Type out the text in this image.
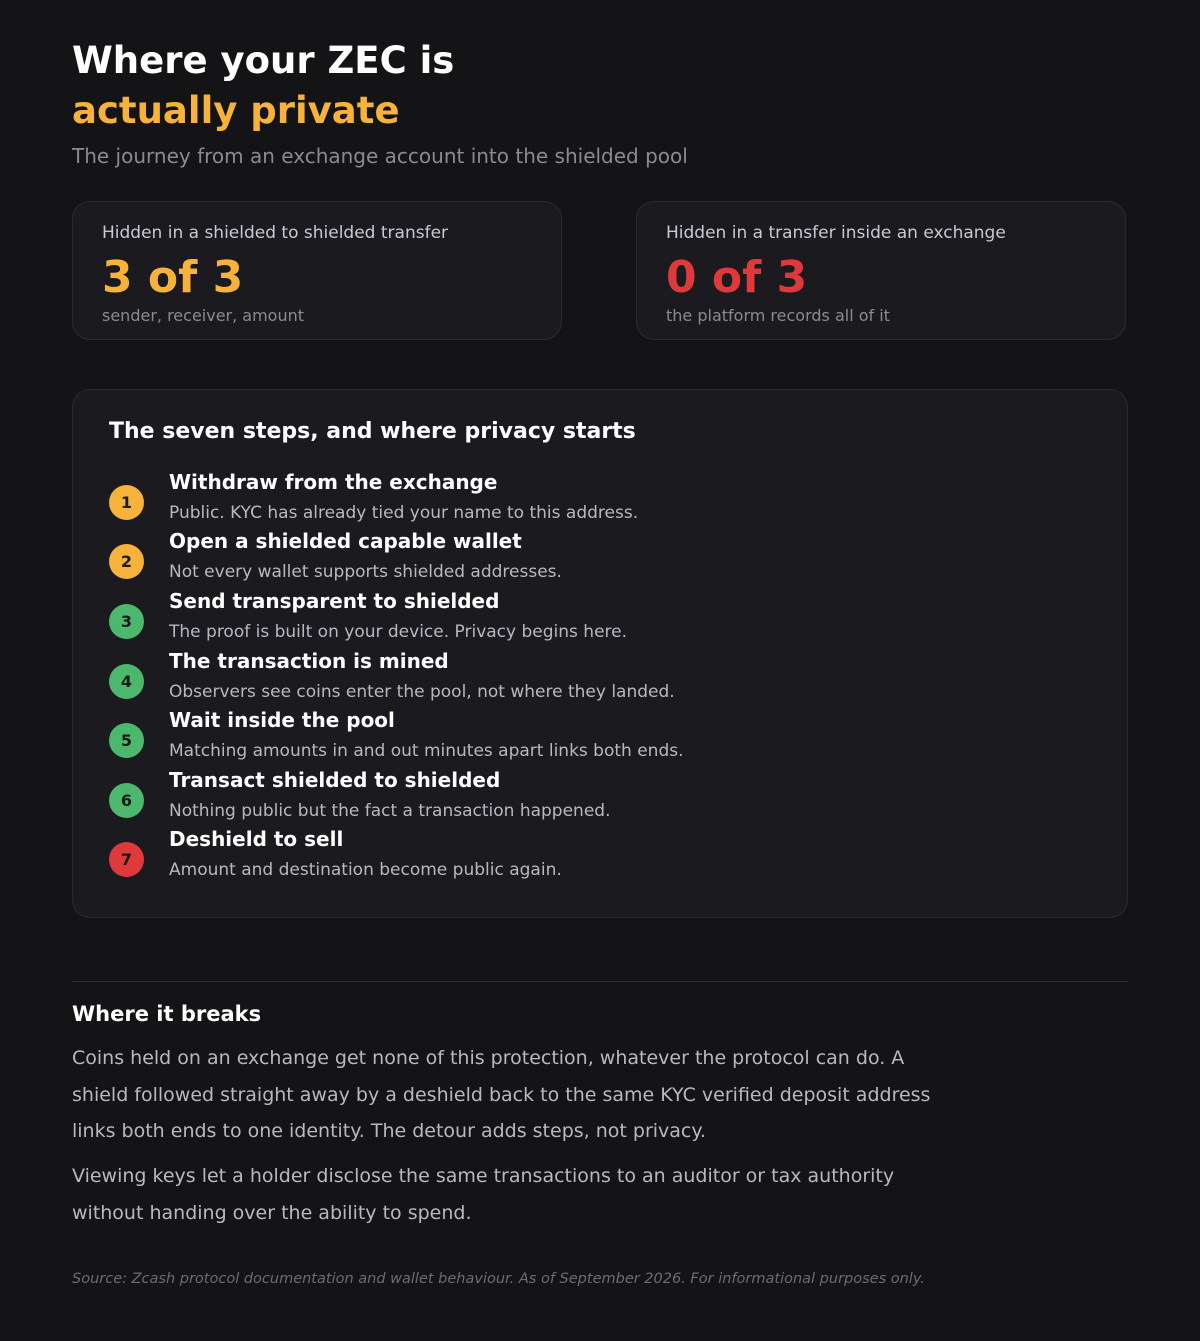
Where your ZEC is
actually private
The journey from an exchange account into the shielded pool
Hidden in a shielded to shielded transfer
3 of 3
sender, receiver, amount
Hidden in a transfer inside an exchange
0 of 3
the platform records all of it
The seven steps, and where privacy starts
1
Withdraw from the exchange
Public. KYC has already tied your name to this address.
2
Open a shielded capable wallet
Not every wallet supports shielded addresses.
3
Send transparent to shielded
The proof is built on your device. Privacy begins here.
4
The transaction is mined
Observers see coins enter the pool, not where they landed.
5
Wait inside the pool
Matching amounts in and out minutes apart links both ends.
6
Transact shielded to shielded
Nothing public but the fact a transaction happened.
7
Deshield to sell
Amount and destination become public again.
Where it breaks
Coins held on an exchange get none of this protection, whatever the protocol can do. A shield followed straight away by a deshield back to the same KYC verified deposit address links both ends to one identity. The detour adds steps, not privacy.
Viewing keys let a holder disclose the same transactions to an auditor or tax authority without handing over the ability to spend.
Source: Zcash protocol documentation and wallet behaviour. As of September 2026. For informational purposes only.
